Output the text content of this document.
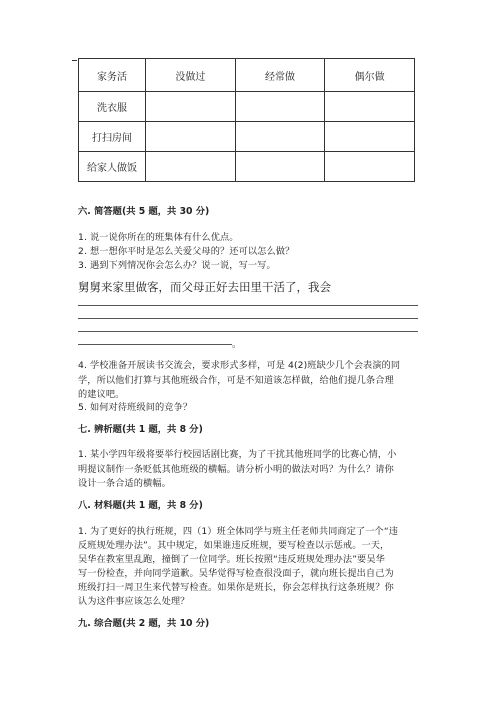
家务活	没做过	经常做	偶尔做
洗衣服			
打扫房间			
给家人做饭			
六. 简答题(共 5 题，共 30 分)
1. 说一说你所在的班集体有什么优点。
2. 想一想你平时是怎么关爱父母的？还可以怎么做？
3. 遇到下列情况你会怎么办？说一说，写一写。
舅舅来家里做客，而父母正好去田里干活了，我会
。
4. 学校准备开展读书交流会，要求形式多样，可是 4(2)班缺少几个会表演的同
学，所以他们打算与其他班级合作，可是不知道该怎样做，给他们提几条合理
的建议吧。
5. 如何对待班级间的竞争？
七. 辨析题(共 1 题，共 8 分)
1. 某小学四年级将要举行校园话剧比赛，为了干扰其他班同学的比赛心情，小
明提议制作一条贬低其他班级的横幅。请分析小明的做法对吗？为什么？请你
设计一条合适的横幅。
八. 材料题(共 1 题，共 8 分)
1. 为了更好的执行班规，四（1）班全体同学与班主任老师共同商定了一个“违
反班规处理办法”。其中规定，如果谁违反班规，要写检查以示惩戒。一天，
吴华在教室里乱跑，撞倒了一位同学。班长按照“违反班规处理办法”要吴华
写一份检查，并向同学道歉。吴华觉得写检查很没面子，就向班长提出自己为
班级打扫一周卫生来代替写检查。如果你是班长，你会怎样执行这条班规？你
认为这件事应该怎么处理？
九. 综合题(共 2 题，共 10 分)
